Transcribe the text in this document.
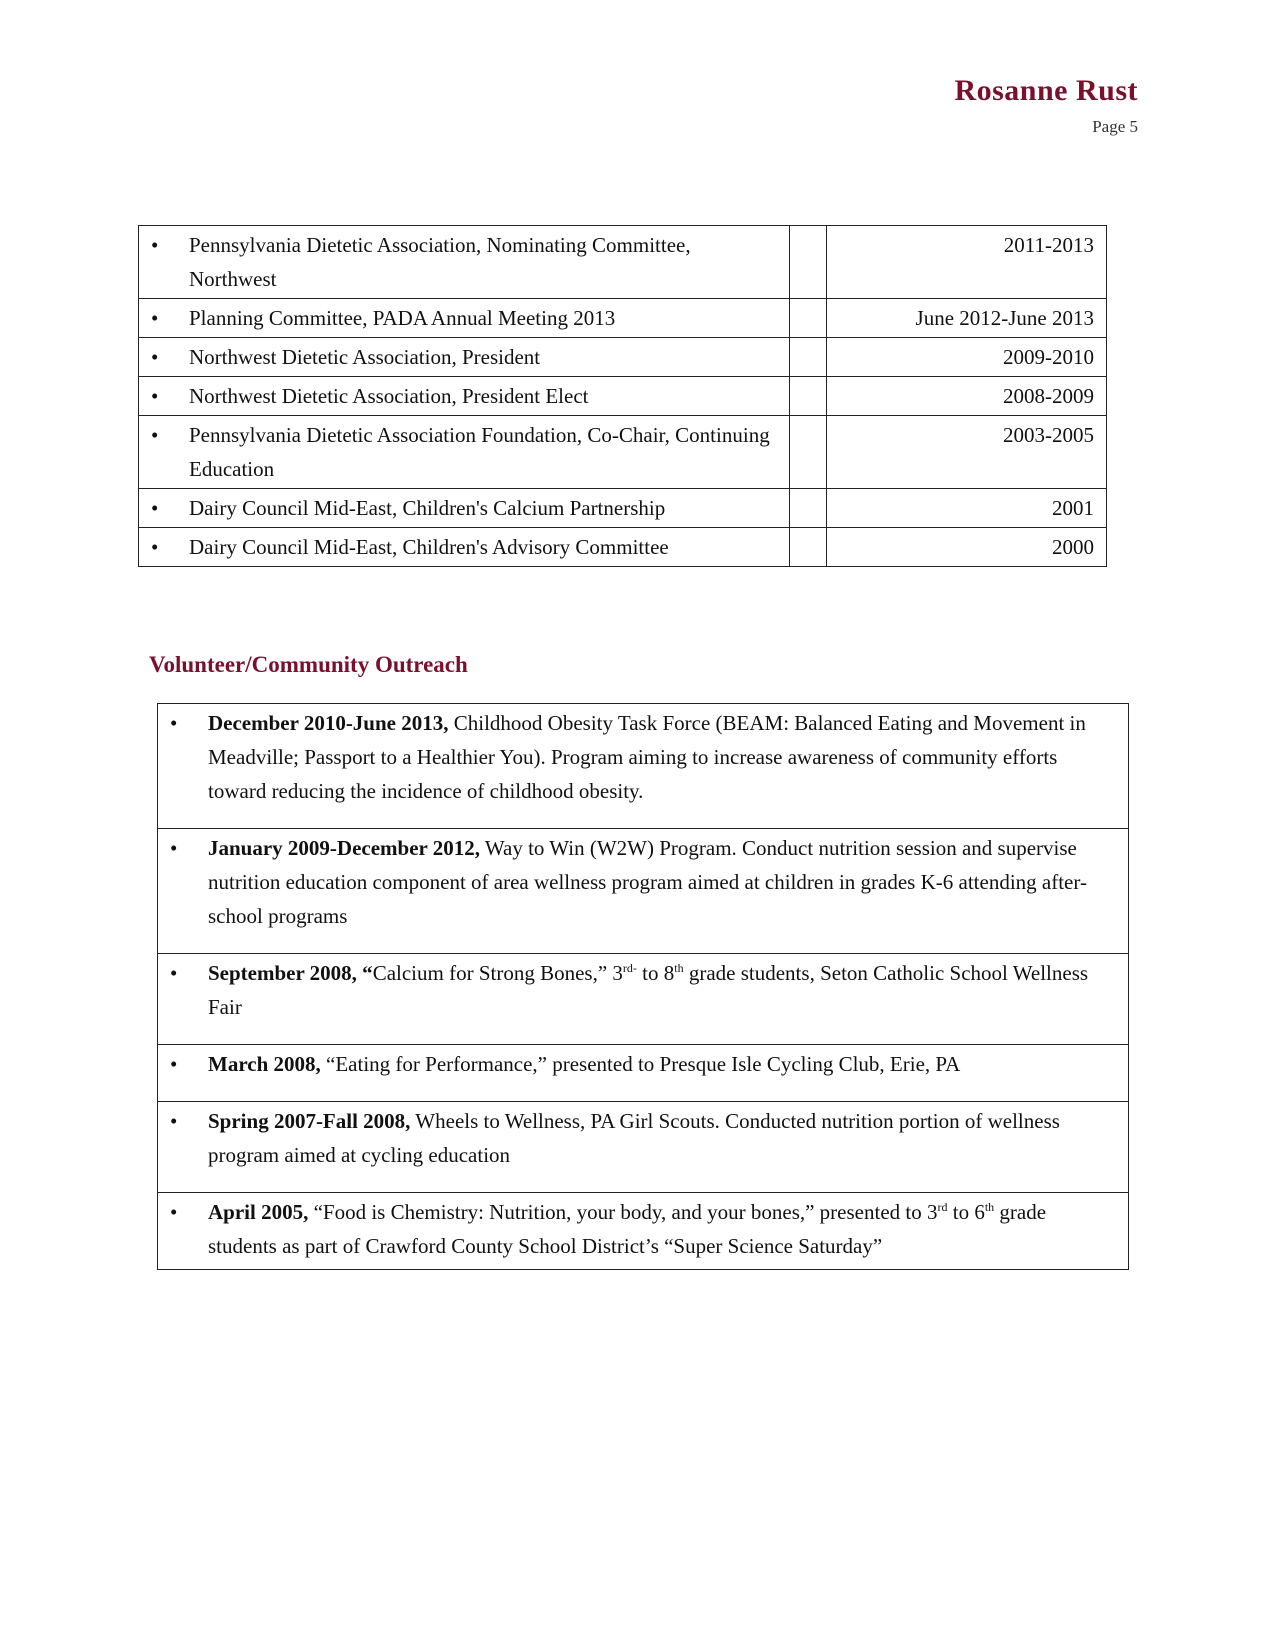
Rosanne Rust
Page 5
• Pennsylvania Dietetic Association, Nominating Committee, Northwest		2011-2013

• Planning Committee, PADA Annual Meeting 2013		June 2012-June 2013

• Northwest Dietetic Association, President		2009-2010

• Northwest Dietetic Association, President Elect		2008-2009

• Pennsylvania Dietetic Association Foundation, Co-Chair, Continuing Education		2003-2005

• Dairy Council Mid-East, Children's Calcium Partnership		2001

• Dairy Council Mid-East, Children's Advisory Committee		2000
Volunteer/Community Outreach
•	December 2010-June 2013, Childhood Obesity Task Force (BEAM: Balanced Eating and Movement in Meadville; Passport to a Healthier You). Program aiming to increase awareness of community efforts toward reducing the incidence of childhood obesity.

•	January 2009-December 2012, Way to Win (W2W) Program. Conduct nutrition session and supervise nutrition education component of area wellness program aimed at children in grades K-6 attending after-school programs

•	September 2008, “Calcium for Strong Bones,” $3^{rd-}$ to 8th grade students, Seton Catholic School Wellness Fair

•	March 2008, “Eating for Performance,” presented to Presque Isle Cycling Club, Erie, PA

•	Spring 2007-Fall 2008, Wheels to Wellness, PA Girl Scouts. Conducted nutrition portion of wellness program aimed at cycling education

•	April 2005, “Food is Chemistry: Nutrition, your body, and your bones,” presented to 3rd to 6th grade students as part of Crawford County School District’s “Super Science Saturday”
